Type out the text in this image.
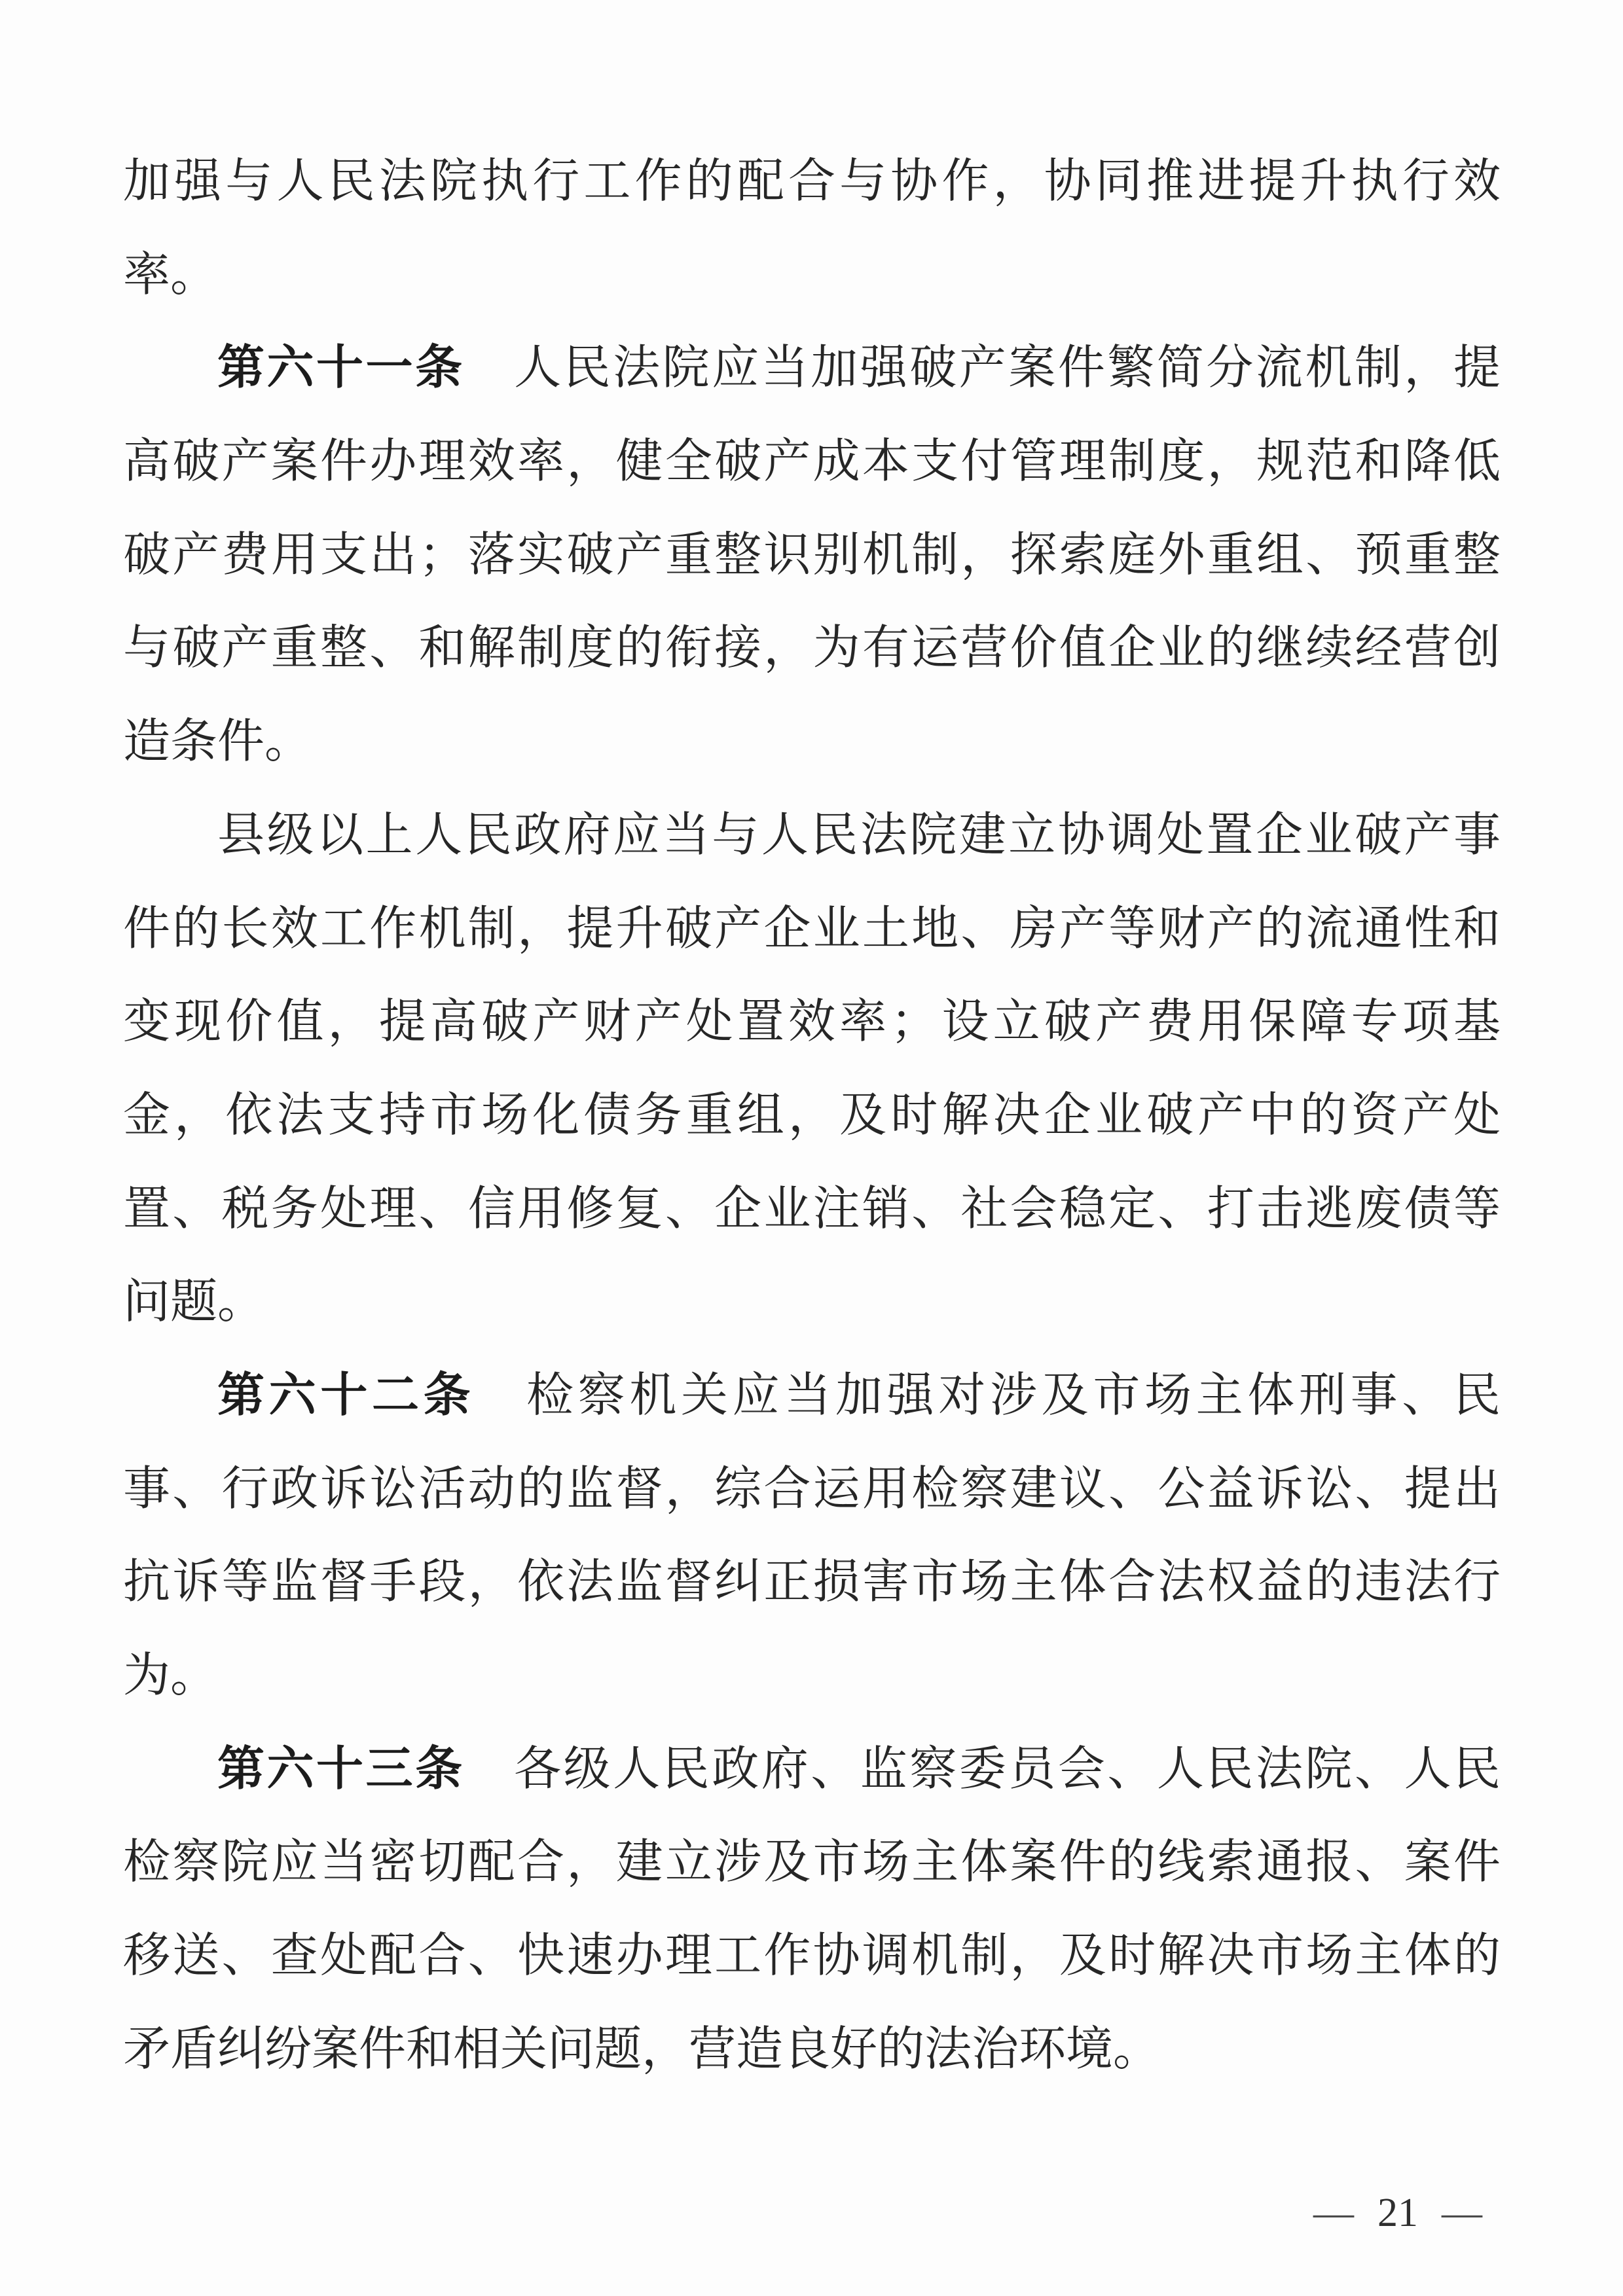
加强与人民法院执行工作的配合与协作，协同推进提升执行效
率。
第六十一条　人民法院应当加强破产案件繁简分流机制，提
高破产案件办理效率，健全破产成本支付管理制度，规范和降低
破产费用支出；落实破产重整识别机制，探索庭外重组、预重整
与破产重整、和解制度的衔接，为有运营价值企业的继续经营创
造条件。
县级以上人民政府应当与人民法院建立协调处置企业破产事
件的长效工作机制，提升破产企业土地、房产等财产的流通性和
变现价值，提高破产财产处置效率；设立破产费用保障专项基
金，依法支持市场化债务重组，及时解决企业破产中的资产处
置、税务处理、信用修复、企业注销、社会稳定、打击逃废债等
问题。
第六十二条　检察机关应当加强对涉及市场主体刑事、民
事、行政诉讼活动的监督，综合运用检察建议、公益诉讼、提出
抗诉等监督手段，依法监督纠正损害市场主体合法权益的违法行
为。
第六十三条　各级人民政府、监察委员会、人民法院、人民
检察院应当密切配合，建立涉及市场主体案件的线索通报、案件
移送、查处配合、快速办理工作协调机制，及时解决市场主体的
矛盾纠纷案件和相关问题，营造良好的法治环境。
— 21 —
